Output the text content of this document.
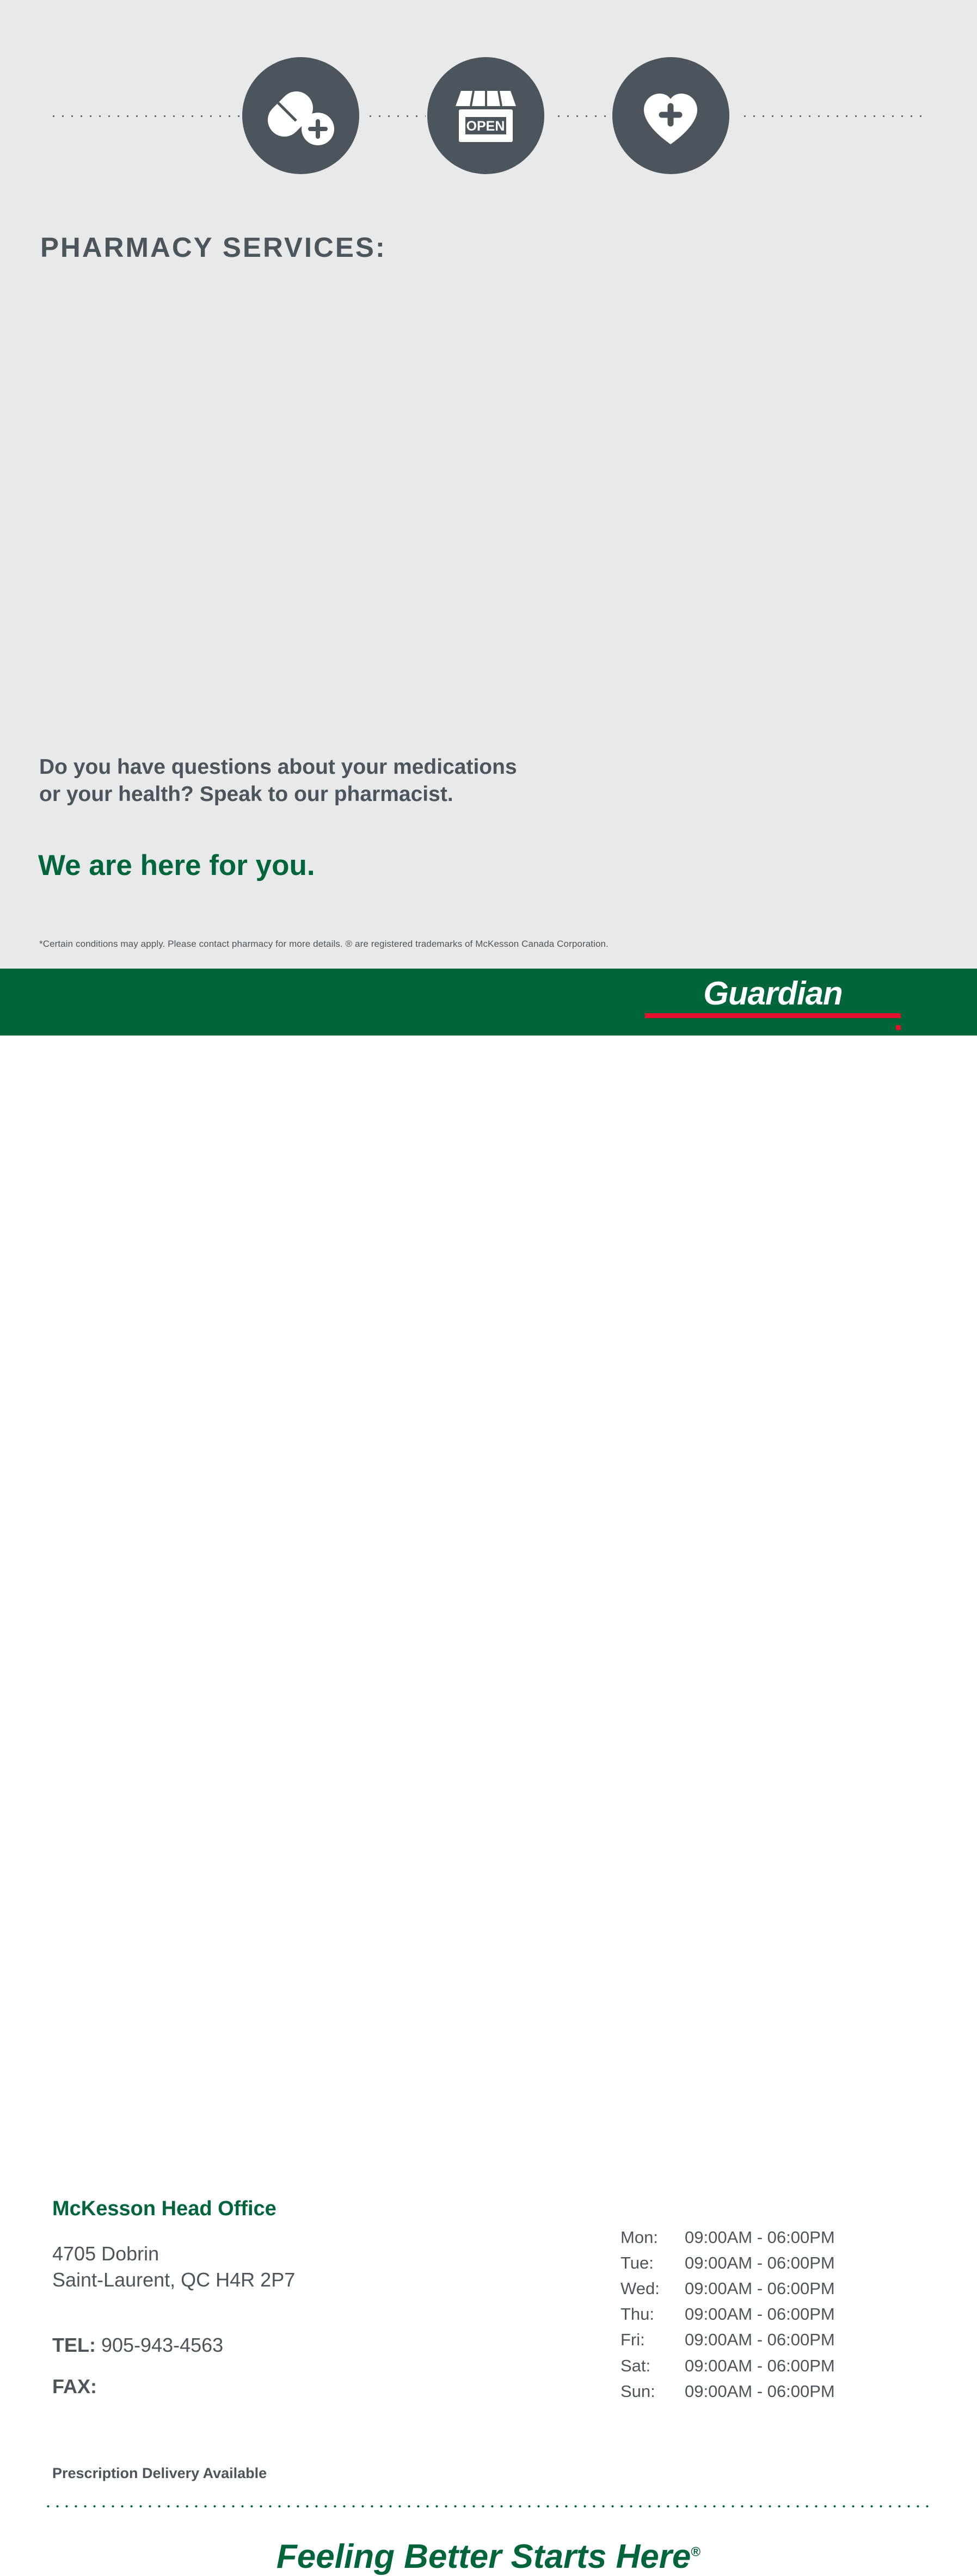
OPEN
PHARMACY SERVICES:
Do you have questions about your medications
or your health? Speak to our pharmacist.
We are here for you.
*Certain conditions may apply. Please contact pharmacy for more details. ® are registered trademarks of McKesson Canada Corporation.
Guardian
McKesson Head Office
4705 Dobrin
Saint-Laurent, QC H4R 2P7
TEL: 905-943-4563
FAX:
Prescription Delivery Available
Mon:	09:00AM - 06:00PM
Tue:	09:00AM - 06:00PM
Wed:	09:00AM - 06:00PM
Thu:	09:00AM - 06:00PM
Fri:	09:00AM - 06:00PM
Sat:	09:00AM - 06:00PM
Sun:	09:00AM - 06:00PM
Feeling Better Starts Here®
